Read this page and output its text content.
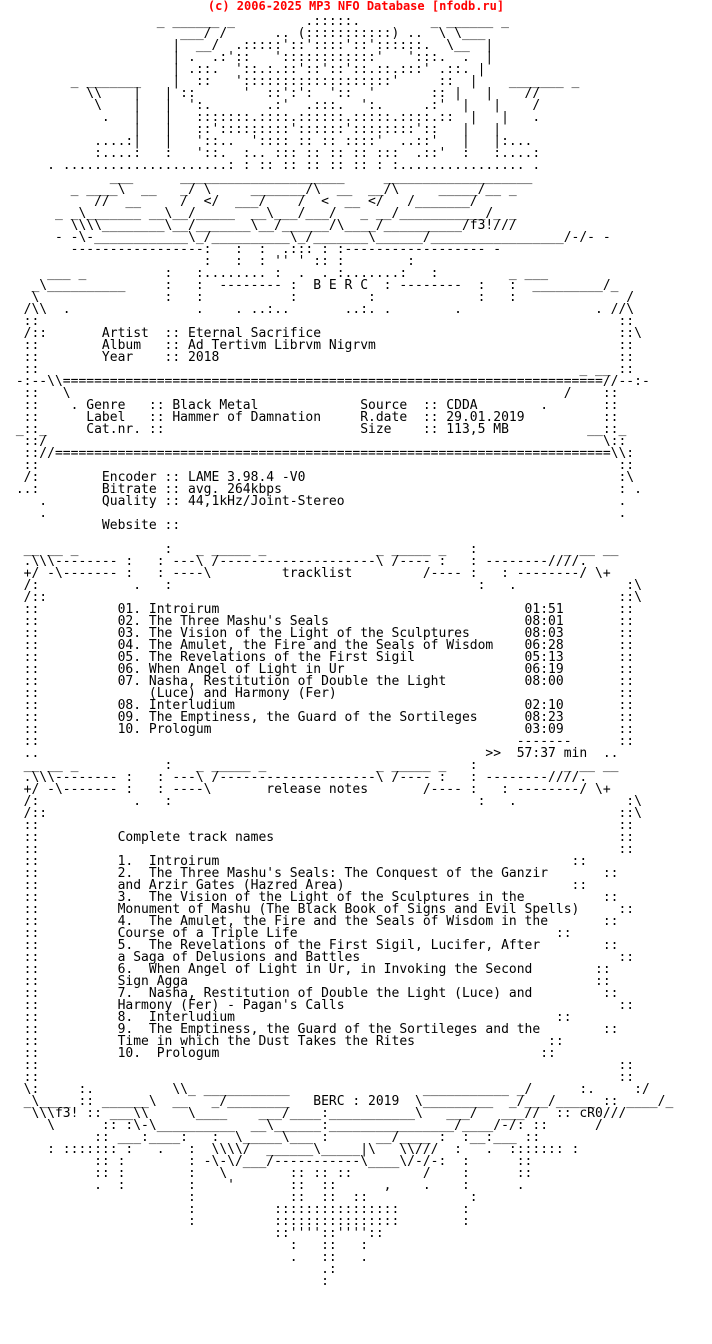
(c) 2006-2025 MP3 NFO Database [nfodb.ru]
_ ______ _         .:::::.         _ ______ _
___/ /      .. (:::::::::::) ..  \ \___
|  __/  .:::::'::'::::'::'::::::.  \__  |
| .  .:'::   '::::::::::::'   ':::.  .  |
| .::.  '::.:.::'::'::'::.::.:::' .::. |
_ _______    |  ::   ':::::::::::::::::::'     ::  |    _______ _
\\    |   | ::      '  ::':':  '::  '       :: |   |    //
\    |   |  ':.       .:'  .:::.  ':.     .:'  |   |    /
.   |   |   :::::::.::::.::::::.:::::.::::.::  |   |   .
|   |   ::':::::::::'::::::'::::::::'::   |   |
....:|   |   '::..  ':::: :: :: ::::'  ..::'   |   |:...
:....:   :   '::.  :.. ::: :: :: :: :::  .::'  :   :....:
. .....................: : :: :: :: :: :: : :................ .
___      _____________________     ___________________
_ ____\  __   _/ \     _______/\  __  __/\     _____/__ _
//  __     /  </  ___/    /  <  __ </   /_______/
_ _\_______ __\__/_____  __\___/___/   _ __/___________/_ _
\\\\________\__/_______\__/______/\____/__________/f3!///
- -\-____________\_/__________\_/_______\______/_________________/-/- -
-----------------:   :  :  .::: : :------------------ -
:   :  : '' ' :: :        :
___ _          :   :........ :  .  . :.......:   :         _ ___
_\__________     :   :  -------- :  B E R C  : --------  :   :  _________/_
\                :   :           :         :             :   :              /
/\\  .                .    . ..:..       ..:. .        .                 . //\
::                                                                          ::
/::       Artist  :: Eternal Sacrifice                                      ::\
::        Album   :: Ad Tertivm Librvm Nigrvm                               ::
::        Year    :: 2018                                                   ::
::                                                                     _ __ ::
-:--\\=====================================================================//--:-
::   \                                                               /    ::
::    . Genre   :: Black Metal             Source  :: CDDA        .       ::
::      Label   :: Hammer of Damnation     R.date  :: 29.01.2019          ::
_::_     Cat.nr. ::                         Size    :: 113,5 MB          __::_
::/                                                                       \::
:://=======================================================================\\:
::                                                                          ::
/:        Encoder :: LAME 3.98.4 -V0                                        :\
..:        Bitrate :: avg. 264kbps                                           : .
.       Quality :: 44,1kHz/Joint-Stereo                                   .
.                                                                         .
Website ::
__ __ _           :   _ _____ _              _ _____ _   :           _ __ __
.\\\-------- :   : ---\ /--------------------\ /---- :   : --------////.
+/ -\------- :   : ----\         tracklist         /---- :   : --------/ \+
/:            .   :                                       :   .              :\
/::                                                                         ::\
::          01. Introirum                                       01:51       ::
::          02. The Three Mashu's Seals                         08:01       ::
::          03. The Vision of the Light of the Sculptures       08:03       ::
::          04. The Amulet, the Fire and the Seals of Wisdom    06:28       ::
::          05. The Revelations of the First Sigil              05:13       ::
::          06. When Angel of Light in Ur                       06:19       ::
::          07. Nasha, Restitution of Double the Light          08:00       ::
::              (Luce) and Harmony (Fer)                                    ::
::          08. Interludium                                     02:10       ::
::          09. The Emptiness, the Guard of the Sortileges      08:23       ::
::          10. Prologum                                        03:09       ::
::                                                             -------      ::
..                                                         >>  57:37 min  ..
__ __ _           :   _ _____ _              _ _____ _   :           _ __ __
.\\\-------- :   : ---\ /--------------------\ /---- :   : --------////.
+/ -\------- :   : ----\       release notes       /---- :   : --------/ \+
/:            .   :                                       :   .              :\
/::                                                                         ::\
::                                                                          ::
::          Complete track names                                            ::
::                                                                          ::
::          1.  Introirum                                             ::
::          2.  The Three Mashu's Seals: The Conquest of the Ganzir       ::
::          and Arzir Gates (Hazred Area)                             ::
::          3.  The Vision of the Light of the Sculptures in the          ::
::          Monument of Mashu (The Black Book of Signs and Evil Spells)     ::
::          4.  The Amulet, the Fire and the Seals of Wisdom in the       ::
::          Course of a Triple Life                                 ::
::          5.  The Revelations of the First Sigil, Lucifer, After        ::
::          a Saga of Delusions and Battles                                 ::
::          6.  When Angel of Light in Ur, in Invoking the Second        ::
::          Sign Agga                                                    ::
::          7.  Nasha, Restitution of Double the Light (Luce) and         ::
::          Harmony (Fer) - Pagan's Calls                                   ::
::          8.  Interludium                                         ::
::          9.  The Emptiness, the Guard of the Sortileges and the        ::
::          Time in which the Dust Takes the Rites                 ::
::          10.  Prologum                                         ::
::                                                                          ::
::                                                                          ::
\:     :.          \\_ ___________                 ___________ _/      :.     :/
_\____ :: ______\  __   _/________   BERC : 2019  \_________  _/___/_____ :: ____/_
\\\f3! :: ___\\     \____    ___/____:___________\   ___/   ___//  :: cR0///
\      :: :\-\__________  __\______:________________/____/-/: ::      /
:: ___:____:   :  \_____\___ :      __/____ :  :__:___ ::
: ::::::: :   .   :  \\\\/  ______\_____|\   \\///  :   .  ::::::: :
:: :        : -\-\/___/-----------\____\/-/-:  :      ::
:: :        :   \        :: :: ::         /    :      ::
.  :        :    '       ::  ::      ,    .    :      .
:            ::  ::  ::             :
:          ::::::::::::::::        :
:          ::::::::::::::::        :
::''''::''''::
:   ::   :
.   ::   .
.:
:
